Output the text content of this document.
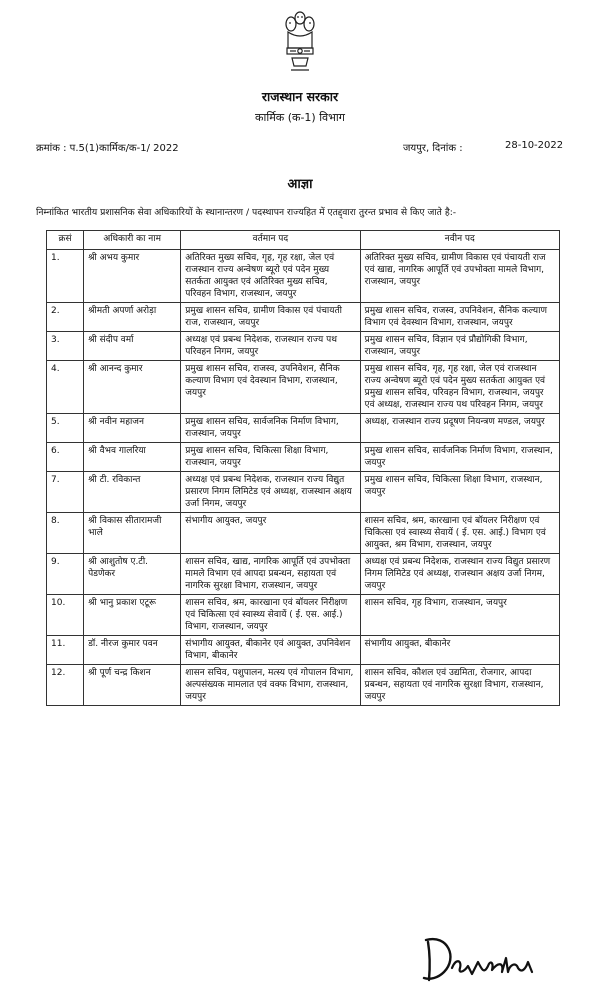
राजस्थान सरकार
कार्मिक (क-1) विभाग
क्रमांक : प.5(1)कार्मिक/क-1/ 2022	जयपुर, दिनांक :	28-10-2022
आज्ञा
निम्नांकित भारतीय प्रशासनिक सेवा अधिकारियों के स्थानान्तरण / पदस्थापन राज्यहित में एतद्द्वारा तुरन्त प्रभाव से किए जाते है:-
क्रसं	अधिकारी का नाम	वर्तमान पद	नवीन पद
1.	श्री अभय कुमार	अतिरिक्त मुख्य सचिव, गृह, गृह रक्षा, जेल एवं राजस्थान राज्य अन्वेषण ब्यूरो एवं पदेन मुख्य सतर्कता आयुक्त एवं अतिरिक्त मुख्य सचिव, परिवहन विभाग, राजस्थान, जयपुर	अतिरिक्त मुख्य सचिव, ग्रामीण विकास एवं पंचायती राज एवं खाद्य, नागरिक आपूर्ति एवं उपभोक्ता मामले विभाग, राजस्थान, जयपुर
2.	श्रीमती अपर्णा अरोड़ा	प्रमुख शासन सचिव, ग्रामीण विकास एवं पंचायती राज, राजस्थान, जयपुर	प्रमुख शासन सचिव, राजस्व, उपनिवेशन, सैनिक कल्याण विभाग एवं देवस्थान विभाग, राजस्थान, जयपुर
3.	श्री संदीप वर्मा	अध्यक्ष एवं प्रबन्ध निदेशक, राजस्थान राज्य पथ परिवहन निगम, जयपुर	प्रमुख शासन सचिव, विज्ञान एवं प्रौद्योगिकी विभाग, राजस्थान, जयपुर
4.	श्री आनन्द कुमार	प्रमुख शासन सचिव, राजस्व, उपनिवेशन, सैनिक कल्याण विभाग एवं देवस्थान विभाग, राजस्थान, जयपुर	प्रमुख शासन सचिव, गृह, गृह रक्षा, जेल एवं राजस्थान राज्य अन्वेषण ब्यूरो एवं पदेन मुख्य सतर्कता आयुक्त एवं प्रमुख शासन सचिव, परिवहन विभाग, राजस्थान, जयपुर एवं अध्यक्ष, राजस्थान राज्य पथ परिवहन निगम, जयपुर
5.	श्री नवीन महाजन	प्रमुख शासन सचिव, सार्वजनिक निर्माण विभाग, राजस्थान, जयपुर	अध्यक्ष, राजस्थान राज्य प्रदूषण नियन्त्रण मण्डल, जयपुर
6.	श्री वैभव गालरिया	प्रमुख शासन सचिव, चिकित्सा शिक्षा विभाग, राजस्थान, जयपुर	प्रमुख शासन सचिव, सार्वजनिक निर्माण विभाग, राजस्थान, जयपुर
7.	श्री टी. रविकान्त	अध्यक्ष एवं प्रबन्ध निदेशक, राजस्थान राज्य विद्युत प्रसारण निगम लिमिटेड एवं अध्यक्ष, राजस्थान अक्षय उर्जा निगम, जयपुर	प्रमुख शासन सचिव, चिकित्सा शिक्षा विभाग, राजस्थान, जयपुर
8.	श्री विकास सीतारामजी भाले	संभागीय आयुक्त, जयपुर	शासन सचिव, श्रम, कारखाना एवं बॉयलर निरीक्षण एवं चिकित्सा एवं स्वास्थ्य सेवायें ( ई. एस. आई.) विभाग एवं आयुक्त, श्रम विभाग, राजस्थान, जयपुर
9.	श्री आशुतोष ए.टी. पेडणेकर	शासन सचिव, खाद्य, नागरिक आपूर्ति एवं उपभोक्ता मामले विभाग एवं आपदा प्रबन्धन, सहायता एवं नागरिक सुरक्षा विभाग, राजस्थान, जयपुर	अध्यक्ष एवं प्रबन्ध निदेशक, राजस्थान राज्य विद्युत प्रसारण निगम लिमिटेड एवं अध्यक्ष, राजस्थान अक्षय उर्जा निगम, जयपुर
10.	श्री भानु प्रकाश एटूरू	शासन सचिव, श्रम, कारखाना एवं बॉयलर निरीक्षण एवं चिकित्सा एवं स्वास्थ्य सेवायें ( ई. एस. आई.) विभाग, राजस्थान, जयपुर	शासन सचिव, गृह विभाग, राजस्थान, जयपुर
11.	डॉ. नीरज कुमार पवन	संभागीय आयुक्त, बीकानेर एवं आयुक्त, उपनिवेशन विभाग, बीकानेर	संभागीय आयुक्त, बीकानेर
12.	श्री पूर्ण चन्द्र किशन	शासन सचिव, पशुपालन, मत्स्य एवं गोपालन विभाग, अल्पसंख्यक मामलात एवं वक्फ विभाग, राजस्थान, जयपुर	शासन सचिव, कौशल एवं उद्यमिता, रोजगार, आपदा प्रबन्धन, सहायता एवं नागरिक सुरक्षा विभाग, राजस्थान, जयपुर
